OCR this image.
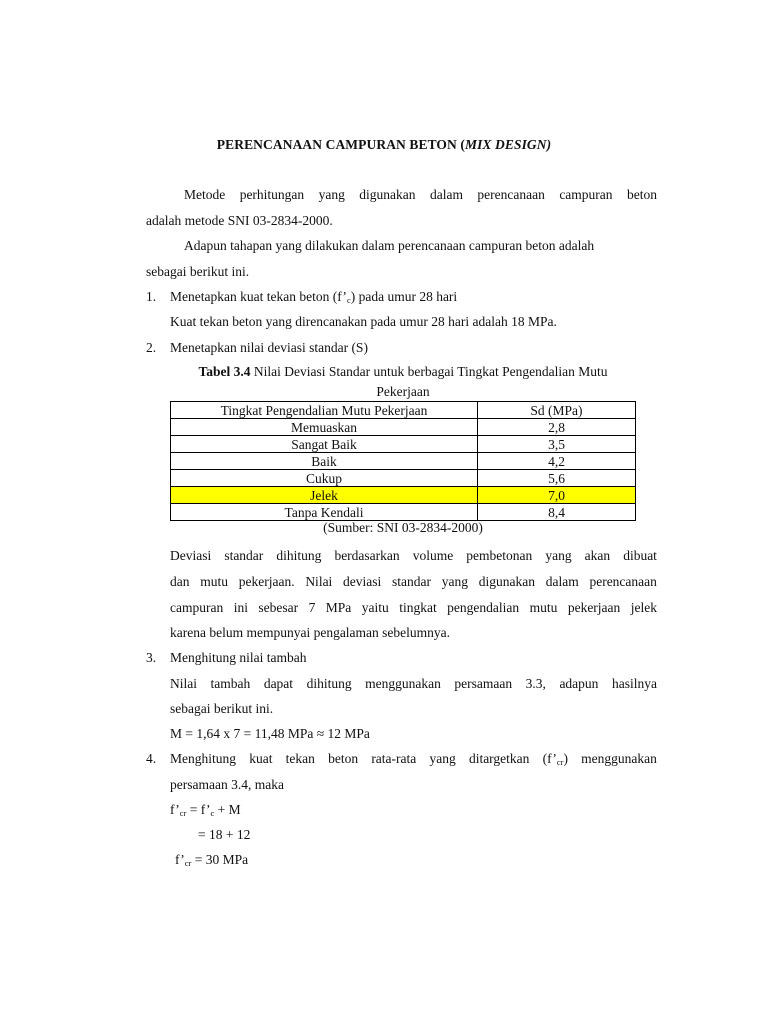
PERENCANAAN CAMPURAN BETON (MIX DESIGN)
Metode perhitungan yang digunakan dalam perencanaan campuran beton
adalah metode SNI 03-2834-2000.
Adapun tahapan yang dilakukan dalam perencanaan campuran beton adalah
sebagai berikut ini.
1. Menetapkan kuat tekan beton $(f’_c)$ pada umur 28 hari
Kuat tekan beton yang direncanakan pada umur 28 hari adalah 18 MPa.
2. Menetapkan nilai deviasi standar (S)
Tabel 3.4 Nilai Deviasi Standar untuk berbagai Tingkat Pengendalian Mutu
Pekerjaan
Tingkat Pengendalian Mutu Pekerjaan	Sd (MPa)
Memuaskan	2,8
Sangat Baik	3,5
Baik	4,2
Cukup	5,6
Jelek	7,0
Tanpa Kendali	8,4
(Sumber: SNI 03-2834-2000)
Deviasi standar dihitung berdasarkan volume pembetonan yang akan dibuat
dan mutu pekerjaan. Nilai deviasi standar yang digunakan dalam perencanaan
campuran ini sebesar 7 MPa yaitu tingkat pengendalian mutu pekerjaan jelek
karena belum mempunyai pengalaman sebelumnya.
3. Menghitung nilai tambah
Nilai tambah dapat dihitung menggunakan persamaan 3.3, adapun hasilnya
sebagai berikut ini.
M = 1,64 x 7 = 11,48 MPa ≈ 12 MPa
4. Menghitung kuat tekan beton rata-rata yang ditargetkan $(f’_{cr})$ menggunakan
persamaan 3.4, maka
$f’_{cr}$ = $f’_c + M$
= 18 + 12
$f’_{cr} = 30$ MPa
